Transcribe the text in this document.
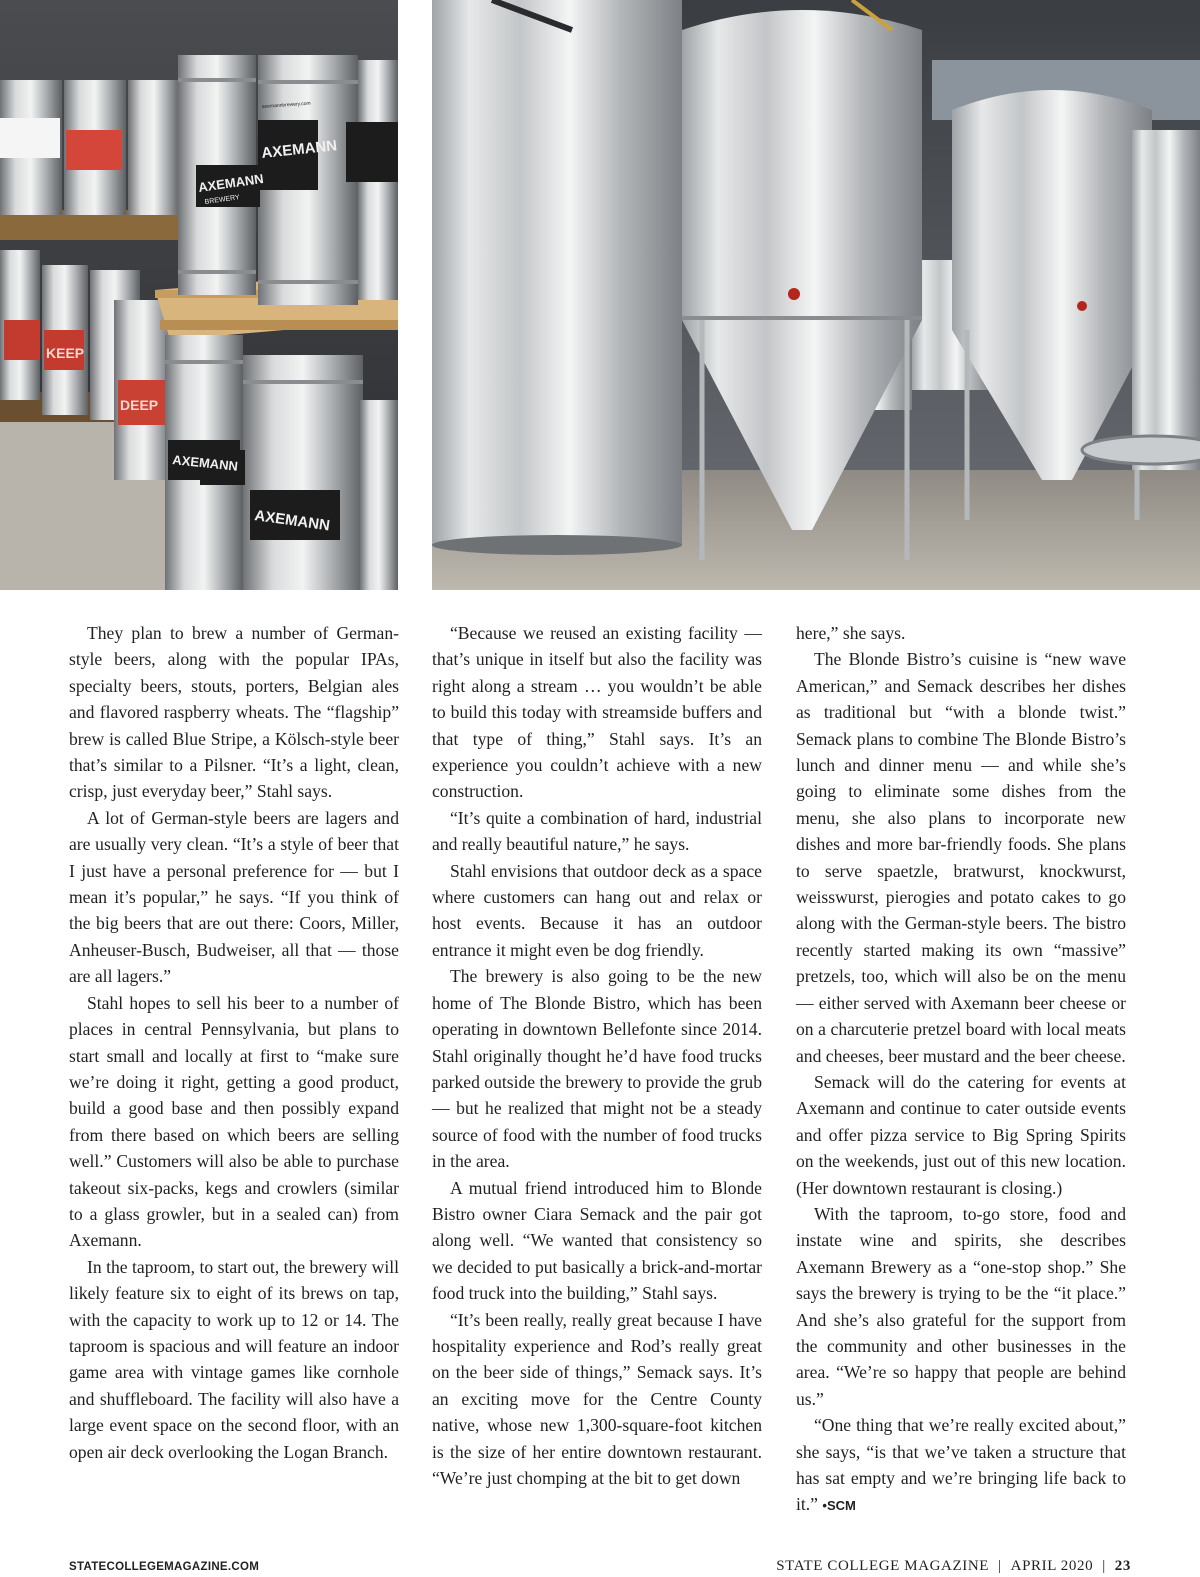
AXEMANN
BREWERY
AXEMANN
axemannbrewery.com
AXEMANN
AXEMANN
KEEP
DEEP

They plan to brew a number of German-style beers, along with the popular IPAs, specialty beers, stouts, porters, Belgian ales and flavored raspberry wheats. The “flagship” brew is called Blue Stripe, a Kölsch-style beer that’s similar to a Pilsner. “It’s a light, clean, crisp, just everyday beer,” Stahl says.

A lot of German-style beers are lagers and are usually very clean. “It’s a style of beer that I just have a personal preference for — but I mean it’s popular,” he says. “If you think of the big beers that are out there: Coors, Miller, Anheuser-Busch, Budweiser, all that — those are all lagers.”

Stahl hopes to sell his beer to a number of places in central Pennsylvania, but plans to start small and locally at first to “make sure we’re doing it right, getting a good product, build a good base and then possibly expand from there based on which beers are selling well.” Customers will also be able to purchase takeout six-packs, kegs and crowlers (similar to a glass growler, but in a sealed can) from Axemann.

In the taproom, to start out, the brewery will likely feature six to eight of its brews on tap, with the capacity to work up to 12 or 14. The taproom is spacious and will feature an indoor game area with vintage games like cornhole and shuffleboard. The facility will also have a large event space on the second floor, with an open air deck overlooking the Logan Branch.

“Because we reused an existing facility — that’s unique in itself but also the facility was right along a stream … you wouldn’t be able to build this today with streamside buffers and that type of thing,” Stahl says. It’s an experience you couldn’t achieve with a new construction.

“It’s quite a combination of hard, industrial and really beautiful nature,” he says.

Stahl envisions that outdoor deck as a space where customers can hang out and relax or host events. Because it has an outdoor entrance it might even be dog friendly.

The brewery is also going to be the new home of The Blonde Bistro, which has been operating in downtown Bellefonte since 2014. Stahl originally thought he’d have food trucks parked outside the brewery to provide the grub — but he realized that might not be a steady source of food with the number of food trucks in the area.

A mutual friend introduced him to Blonde Bistro owner Ciara Semack and the pair got along well. “We wanted that consistency so we decided to put basically a brick-and-mortar food truck into the building,” Stahl says.

“It’s been really, really great because I have hospitality experience and Rod’s really great on the beer side of things,” Semack says. It’s an exciting move for the Centre County native, whose new 1,300-square-foot kitchen is the size of her entire downtown restaurant. “We’re just chomping at the bit to get down

here,” she says.

The Blonde Bistro’s cuisine is “new wave American,” and Semack describes her dishes as traditional but “with a blonde twist.” Semack plans to combine The Blonde Bistro’s lunch and dinner menu — and while she’s going to eliminate some dishes from the menu, she also plans to incorporate new dishes and more bar-friendly foods. She plans to serve spaetzle, bratwurst, knockwurst, weisswurst, pierogies and potato cakes to go along with the German-style beers. The bistro recently started making its own “massive” pretzels, too, which will also be on the menu — either served with Axemann beer cheese or on a charcuterie pretzel board with local meats and cheeses, beer mustard and the beer cheese.

Semack will do the catering for events at Axemann and continue to cater outside events and offer pizza service to Big Spring Spirits on the weekends, just out of this new location. (Her downtown restaurant is closing.)

With the taproom, to-go store, food and instate wine and spirits, she describes Axemann Brewery as a “one-stop shop.” She says the brewery is trying to be the “it place.” And she’s also grateful for the support from the community and other businesses in the area. “We’re so happy that people are behind us.”

“One thing that we’re really excited about,” she says, “is that we’ve taken a structure that has sat empty and we’re bringing life back to it.” •SCM

STATECOLLEGEMAGAZINE.COM	STATE COLLEGE MAGAZINE | APRIL 2020 | 23
